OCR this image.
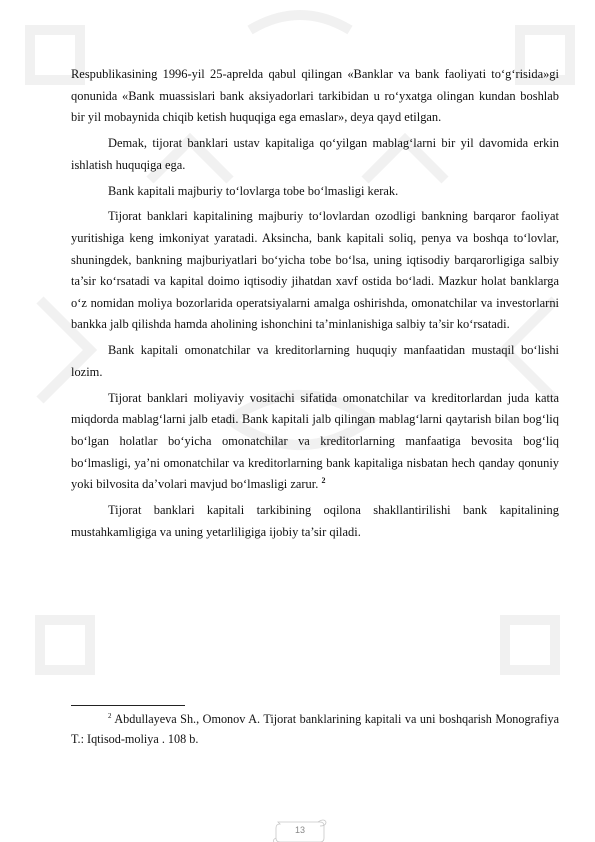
Respublikasining 1996-yil 25-aprelda qabul qilingan «Banklar va bank faoliyati to‘g‘risida»gi qonunida «Bank muassislari bank aksiyadorlari tarkibidan u ro‘yxatga olingan kundan boshlab bir yil mobaynida chiqib ketish huquqiga ega emaslar», deya qayd etilgan.

Demak, tijorat banklari ustav kapitaliga qo‘yilgan mablag‘larni bir yil davomida erkin ishlatish huquqiga ega.

Bank kapitali majburiy to‘lovlarga tobe bo‘lmasligi kerak.

Tijorat banklari kapitalining majburiy to‘lovlardan ozodligi bankning barqaror faoliyat yuritishiga keng imkoniyat yaratadi. Aksincha, bank kapitali soliq, penya va boshqa to‘lovlar, shuningdek, bankning majburiyatlari bo‘yicha tobe bo‘lsa, uning iqtisodiy barqarorligiga salbiy ta’sir ko‘rsatadi va kapital doimo iqtisodiy jihatdan xavf ostida bo‘ladi. Mazkur holat banklarga o‘z nomidan moliya bozorlarida operatsiyalarni amalga oshirishda, omonatchilar va investorlarni bankka jalb qilishda hamda aholining ishonchini ta’minlanishiga salbiy ta’sir ko‘rsatadi.

Bank kapitali omonatchilar va kreditorlarning huquqiy manfaatidan mustaqil bo‘lishi lozim.

Tijorat banklari moliyaviy vositachi sifatida omonatchilar va kreditorlardan juda katta miqdorda mablag‘larni jalb etadi. Bank kapitali jalb qilingan mablag‘larni qaytarish bilan bog‘liq bo‘lgan holatlar bo‘yicha omonatchilar va kreditorlarning manfaatiga bevosita bog‘liq bo‘lmasligi, ya’ni omonatchilar va kreditorlarning bank kapitaliga nisbatan hech qanday qonuniy yoki bilvosita da’volari mavjud bo‘lmasligi zarur. $^2$

Tijorat banklari kapitali tarkibining oqilona shakllantirilishi bank kapitalining mustahkamligiga va uning yetarliligiga ijobiy ta’sir qiladi.

$^2$ Abdullayeva Sh., Omonov A. Tijorat banklarining kapitali va uni boshqarish Monografiya T.: Iqtisod-moliya . 108 b.
13
